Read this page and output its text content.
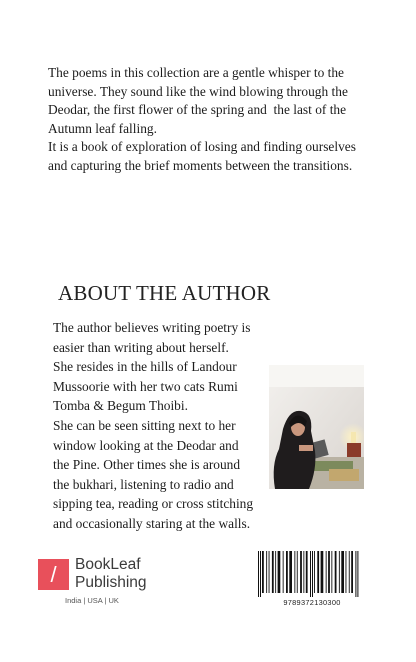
The poems in this collection are a gentle whisper to the

universe. They sound like the wind blowing through the

Deodar, the first flower of the spring and  the last of the

Autumn leaf falling.

It is a book of exploration of losing and finding ourselves

and capturing the brief moments between the transitions.

ABOUT THE AUTHOR

The author believes writing poetry is

easier than writing about herself.

She resides in the hills of Landour

Mussoorie with her two cats Rumi

Tomba & Begum Thoibi.

She can be seen sitting next to her

window looking at the Deodar and

the Pine. Other times she is around

the bukhari, listening to radio and

sipping tea, reading or cross stitching

and occasionally staring at the walls.

/	BookLeaf
Publishing
India | USA | UK	9789372130300
